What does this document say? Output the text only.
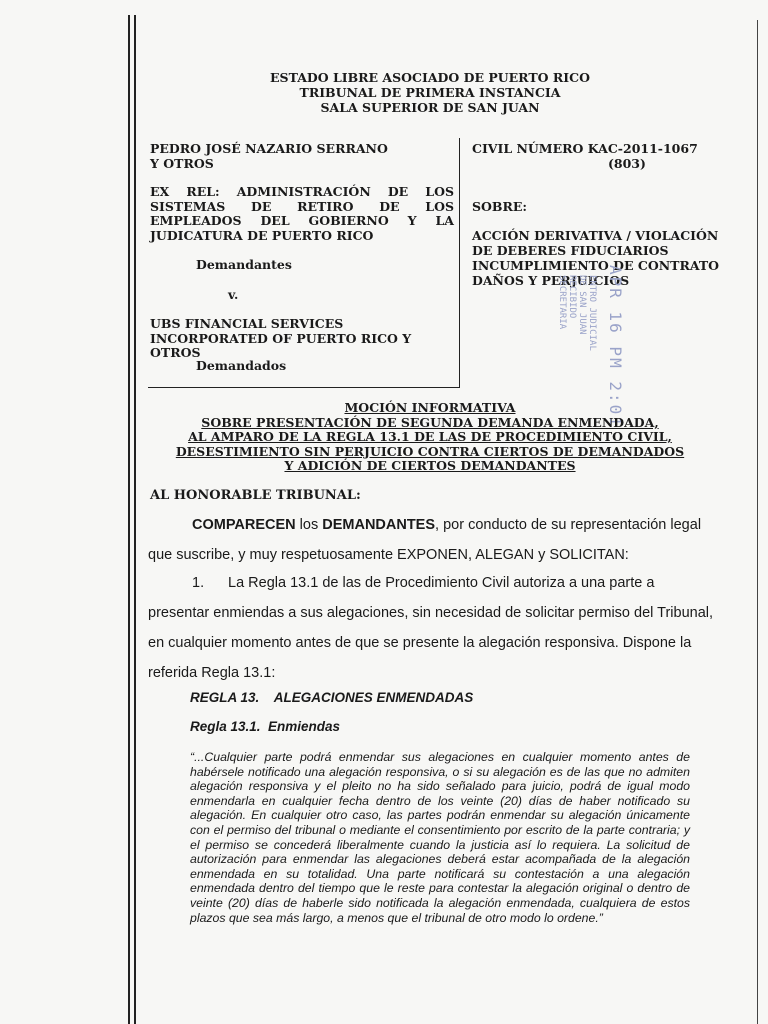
ESTADO LIBRE ASOCIADO DE PUERTO RICO
TRIBUNAL DE PRIMERA INSTANCIA
SALA SUPERIOR DE SAN JUAN
PEDRO JOSÉ NAZARIO SERRANO
Y OTROS
EX REL: ADMINISTRACIÓN DE LOS SISTEMAS DE RETIRO DE LOS EMPLEADOS DEL GOBIERNO Y LA JUDICATURA DE PUERTO RICO
Demandantes
v.
UBS FINANCIAL SERVICES INCORPORATED OF PUERTO RICO Y OTROS
Demandados
CIVIL NÚMERO KAC-2011-1067
(803)
SOBRE:
ACCIÓN DERIVATIVA / VIOLACIÓN
DE DEBERES FIDUCIARIOS
INCUMPLIMIENTO DE CONTRATO
DAÑOS Y PERJUICIOS
APR 16 PM 2:01
ENTRO JUDICIAL
DE SAN JUAN
RECIBIDO
SECRETARIA
MOCIÓN INFORMATIVA
SOBRE PRESENTACIÓN DE SEGUNDA DEMANDA ENMENDADA,
AL AMPARO DE LA REGLA 13.1 DE LAS DE PROCEDIMIENTO CIVIL,
DESESTIMIENTO SIN PERJUICIO CONTRA CIERTOS DE DEMANDADOS
Y ADICIÓN DE CIERTOS DEMANDANTES
AL HONORABLE TRIBUNAL:
COMPARECEN los DEMANDANTES, por conducto de su representación legal
que suscribe, y muy respetuosamente EXPONEN, ALEGAN y SOLICITAN:
1. La Regla 13.1 de las de Procedimiento Civil autoriza a una parte a
presentar enmiendas a sus alegaciones, sin necesidad de solicitar permiso del Tribunal,
en cualquier momento antes de que se presente la alegación responsiva. Dispone la
referida Regla 13.1:
REGLA 13.    ALEGACIONES ENMENDADAS
Regla 13.1.  Enmiendas
“...Cualquier parte podrá enmendar sus alegaciones en cualquier momento antes de habérsele notificado una alegación responsiva, o si su alegación es de las que no admiten alegación responsiva y el pleito no ha sido señalado para juicio, podrá de igual modo enmendarla en cualquier fecha dentro de los veinte (20) días de haber notificado su alegación. En cualquier otro caso, las partes podrán enmendar su alegación únicamente con el permiso del tribunal o mediante el consentimiento por escrito de la parte contraria; y el permiso se concederá liberalmente cuando la justicia así lo requiera. La solicitud de autorización para enmendar las alegaciones deberá estar acompañada de la alegación enmendada en su totalidad. Una parte notificará su contestación a una alegación enmendada dentro del tiempo que le reste para contestar la alegación original o dentro de veinte (20) días de haberle sido notificada la alegación enmendada, cualquiera de estos plazos que sea más largo, a menos que el tribunal de otro modo lo ordene.”
